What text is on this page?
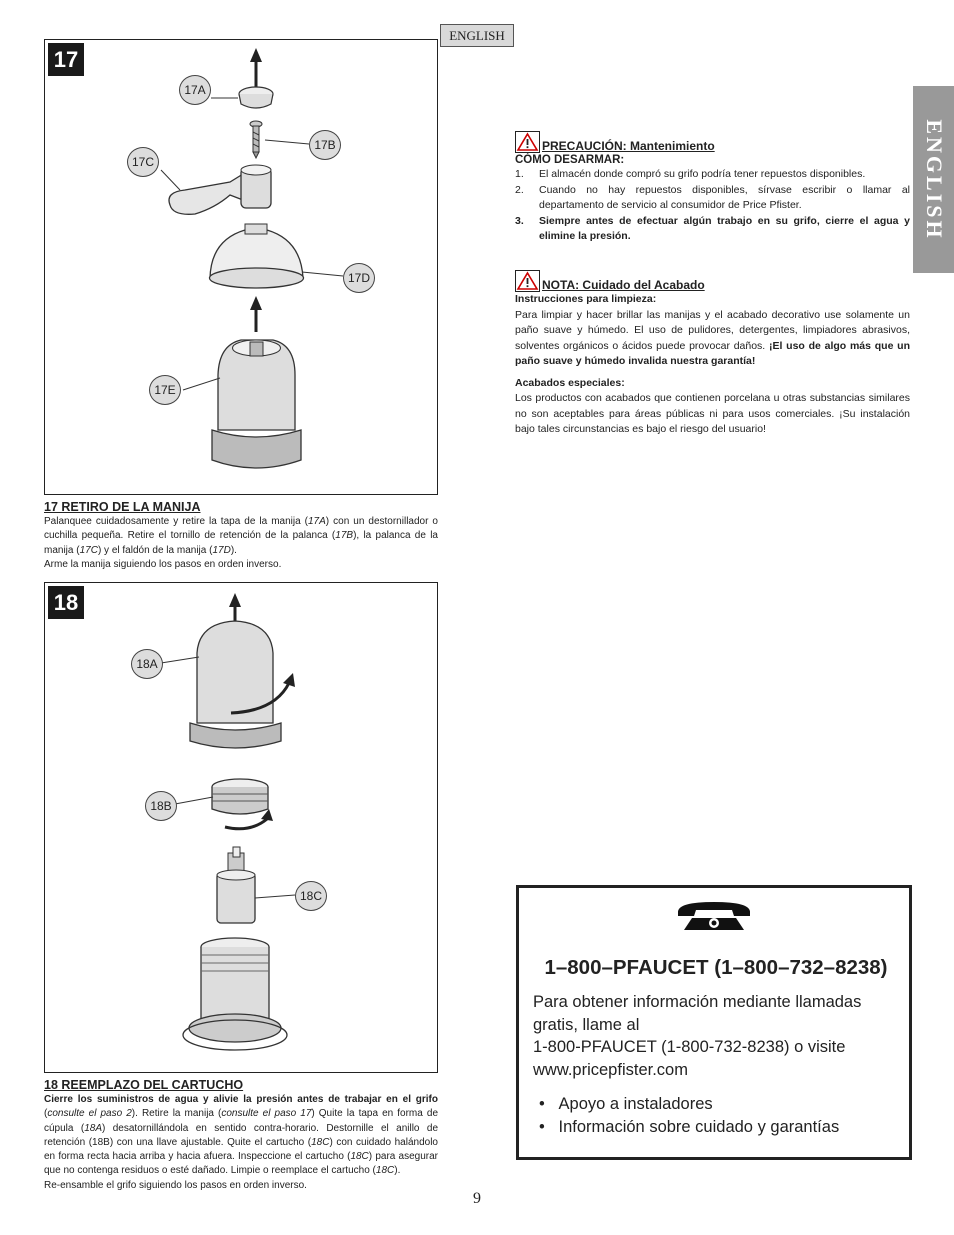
ENGLISH
ENGLISH
17
17A
17B
17C
17D
17E
17 RETIRO DE LA MANIJA
Palanquee cuidadosamente y retire la tapa de la manija (17A) con un destornillador o cuchilla pequeña. Retire el tornillo de retención de la palanca (17B), la palanca de la manija (17C) y el faldón de la manija (17D).
Arme la manija siguiendo los pasos en orden inverso.
18
18A
18B
18C
18 REEMPLAZO DEL CARTUCHO
Cierre los suministros de agua y alivie la presión antes de trabajar en el grifo (consulte el paso 2). Retire la manija (consulte el paso 17) Quite la tapa en forma de cúpula (18A) desatornillándola en sentido contra-horario. Destornille el anillo de retención (18B) con una llave ajustable. Quite el cartucho (18C) con cuidado halándolo en forma recta hacia arriba y hacia afuera. Inspeccione el cartucho (18C) para asegurar que no contenga residuos o esté dañado. Limpie o reemplace el cartucho (18C).
Re-ensamble el grifo siguiendo los pasos en orden inverso.
PRECAUCIÓN: Mantenimiento
CÓMO DESARMAR:
1. El almacén donde compró su grifo podría tener repuestos disponibles.
2. Cuando no hay repuestos disponibles, sírvase escribir o llamar al departamento de servicio al consumidor de Price Pfister.
3. Siempre antes de efectuar algún trabajo en su grifo, cierre el agua y elimine la presión.
NOTA: Cuidado del Acabado
Instrucciones para limpieza:
Para limpiar y hacer brillar las manijas y el acabado decorativo use solamente un paño suave y húmedo. El uso de pulidores, detergentes, limpiadores abrasivos, solventes orgánicos o ácidos puede provocar daños. ¡El uso de algo más que un paño suave y húmedo invalida nuestra garantía!
Acabados especiales:
Los productos con acabados que contienen porcelana u otras substancias similares no son aceptables para áreas públicas ni para usos comerciales. ¡Su instalación bajo tales circunstancias es bajo el riesgo del usuario!
1–800–PFAUCET (1–800–732–8238)
Para obtener información mediante llamadas
gratis, llame al
1-800-PFAUCET (1-800-732-8238) o visite
www.pricepfister.com
•   Apoyo a instaladores
•   Información sobre cuidado y garantías
9
